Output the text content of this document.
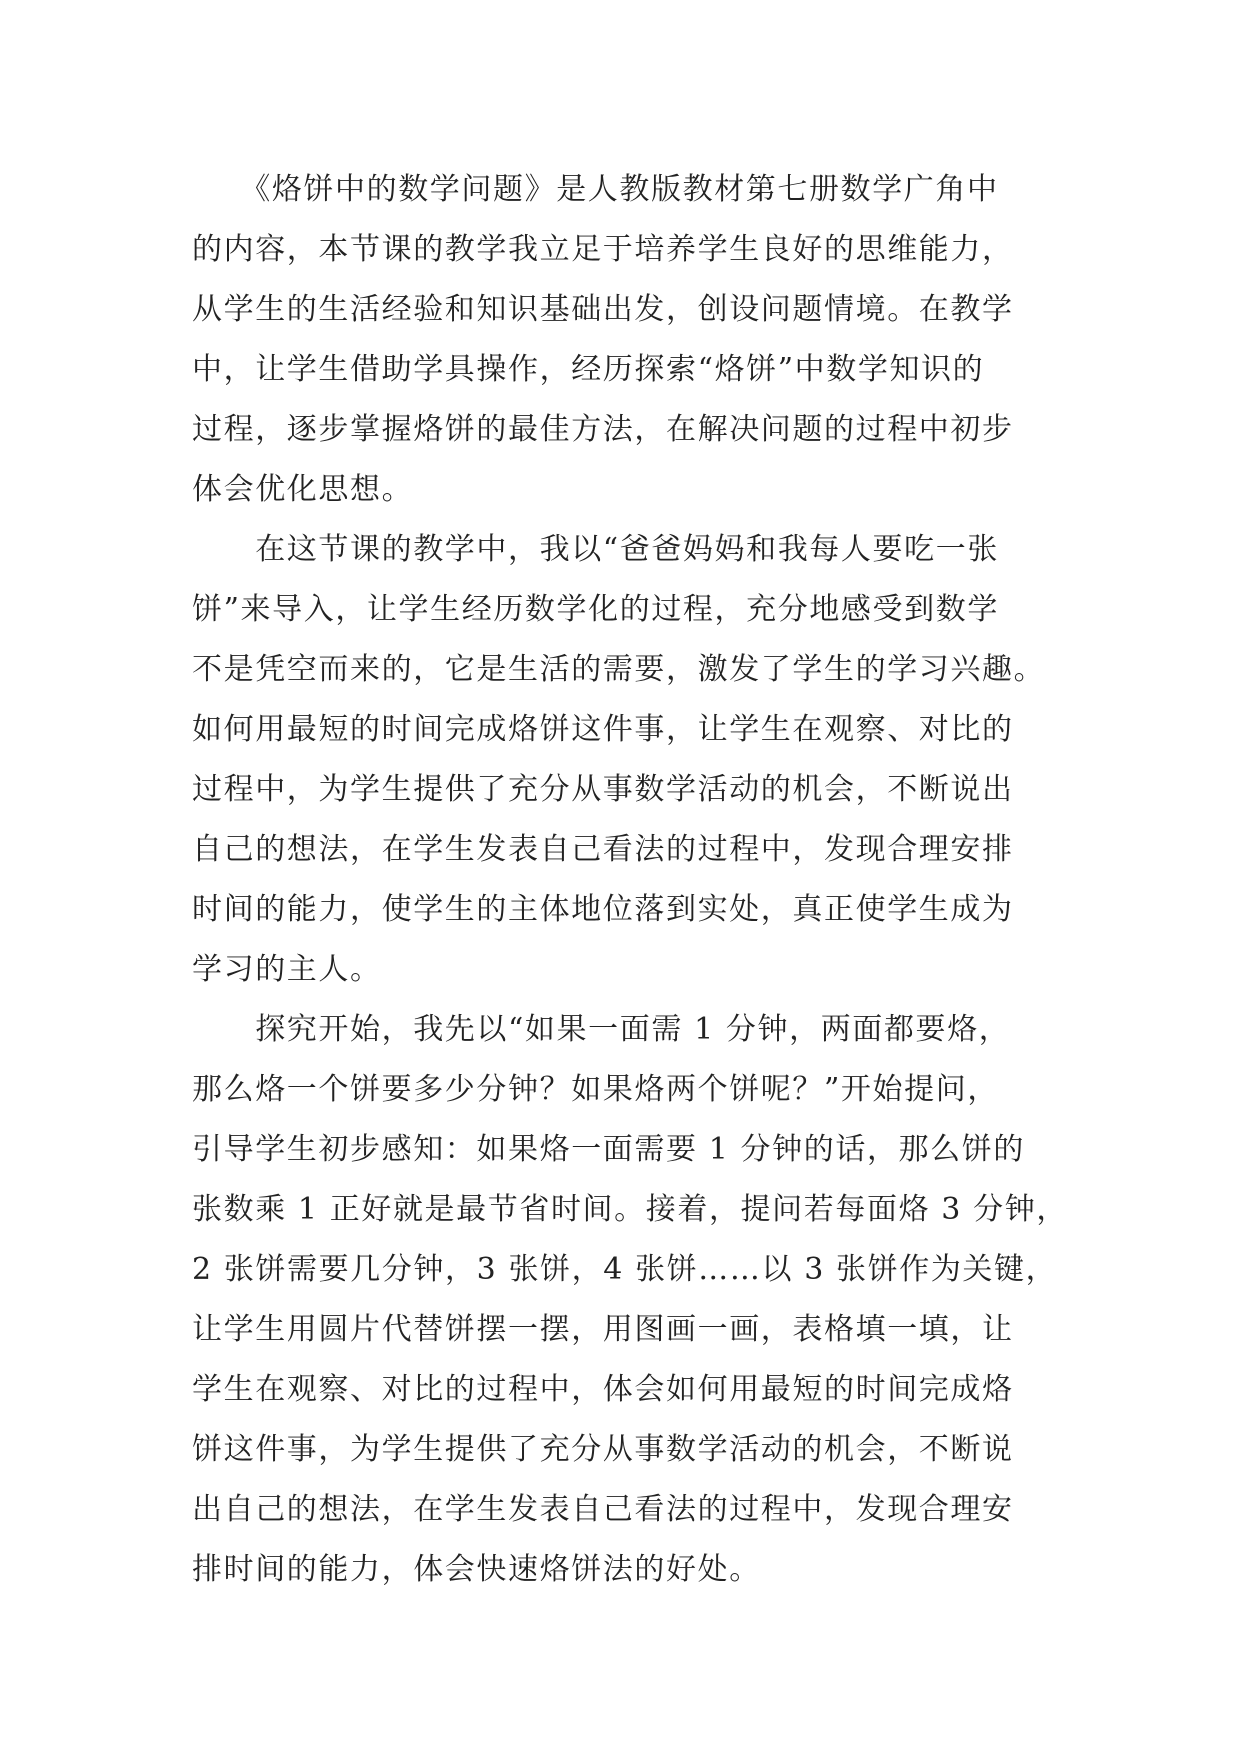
　　《烙饼中的数学问题》是人教版教材第七册数学广角中
的内容，本节课的教学我立足于培养学生良好的思维能力，
从学生的生活经验和知识基础出发，创设问题情境。在教学
中，让学生借助学具操作，经历探索“烙饼”中数学知识的
过程，逐步掌握烙饼的最佳方法，在解决问题的过程中初步
体会优化思想。

　　在这节课的教学中，我以“爸爸妈妈和我每人要吃一张
饼”来导入，让学生经历数学化的过程，充分地感受到数学
不是凭空而来的，它是生活的需要，激发了学生的学习兴趣。
如何用最短的时间完成烙饼这件事，让学生在观察、对比的
过程中，为学生提供了充分从事数学活动的机会，不断说出
自己的想法，在学生发表自己看法的过程中，发现合理安排
时间的能力，使学生的主体地位落到实处，真正使学生成为
学习的主人。

　　探究开始，我先以“如果一面需 1 分钟，两面都要烙，
那么烙一个饼要多少分钟？如果烙两个饼呢？”开始提问，
引导学生初步感知：如果烙一面需要 1 分钟的话，那么饼的
张数乘 1 正好就是最节省时间。接着，提问若每面烙 3 分钟，
2 张饼需要几分钟，3 张饼，4 张饼……以 3 张饼作为关键，
让学生用圆片代替饼摆一摆，用图画一画，表格填一填，让
学生在观察、对比的过程中，体会如何用最短的时间完成烙
饼这件事，为学生提供了充分从事数学活动的机会，不断说
出自己的想法，在学生发表自己看法的过程中，发现合理安
排时间的能力，体会快速烙饼法的好处。
